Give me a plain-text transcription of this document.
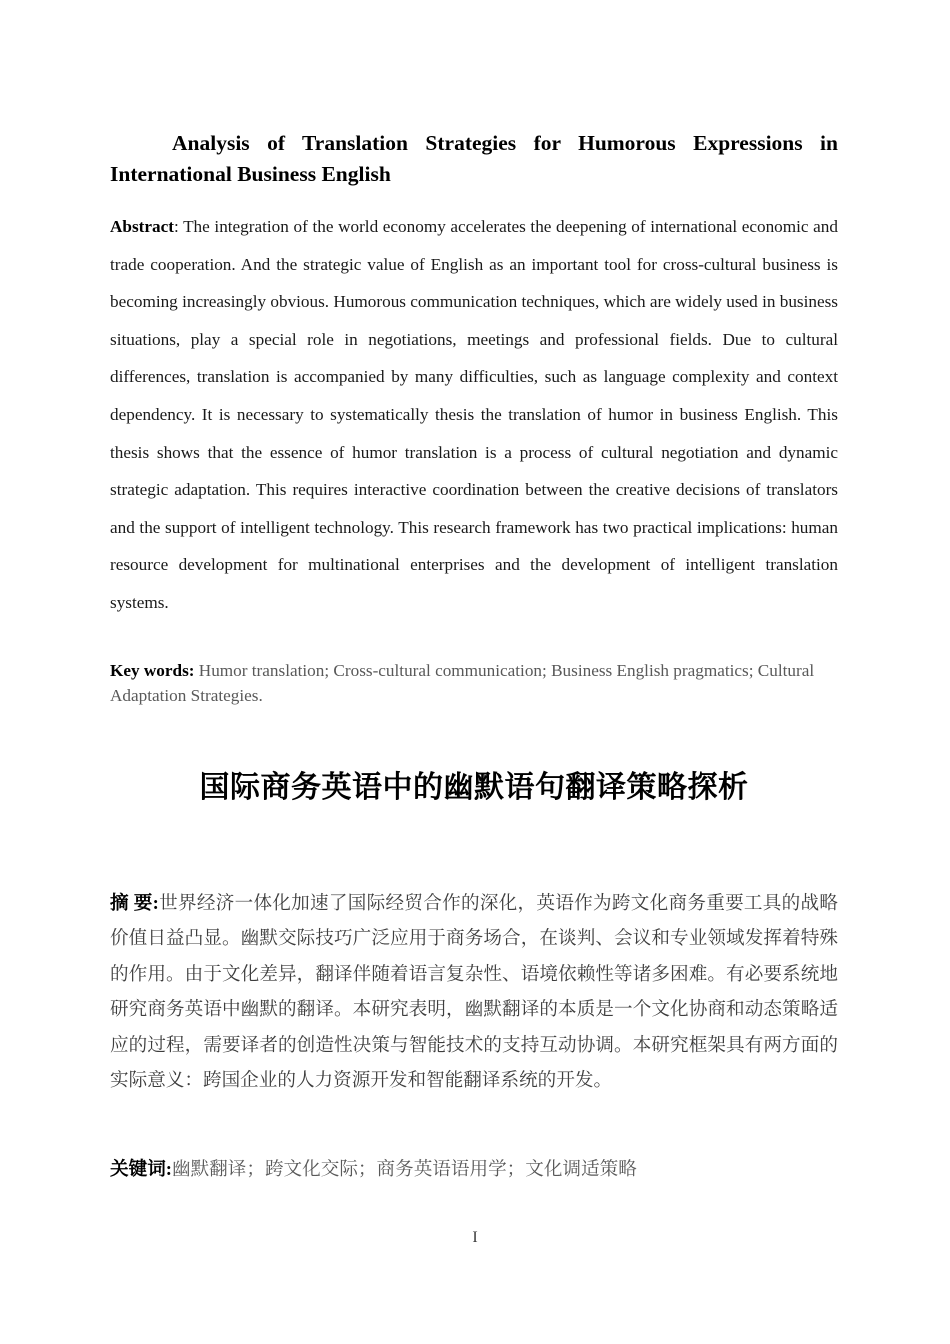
Analysis of Translation Strategies for Humorous Expressions in International Business English

Abstract: The integration of the world economy accelerates the deepening of international economic and trade cooperation. And the strategic value of English as an important tool for cross-cultural business is becoming increasingly obvious. Humorous communication techniques, which are widely used in business situations, play a special role in negotiations, meetings and professional fields. Due to cultural differences, translation is accompanied by many difficulties, such as language complexity and context dependency. It is necessary to systematically thesis the translation of humor in business English. This thesis shows that the essence of humor translation is a process of cultural negotiation and dynamic strategic adaptation. This requires interactive coordination between the creative decisions of translators and the support of intelligent technology. This research framework has two practical implications: human resource development for multinational enterprises and the development of intelligent translation systems.

Key words: Humor translation; Cross-cultural communication; Business English pragmatics; Cultural Adaptation Strategies.

国际商务英语中的幽默语句翻译策略探析

摘 要:世界经济一体化加速了国际经贸合作的深化，英语作为跨文化商务重要工具的战略价值日益凸显。幽默交际技巧广泛应用于商务场合，在谈判、会议和专业领域发挥着特殊的作用。由于文化差异，翻译伴随着语言复杂性、语境依赖性等诸多困难。有必要系统地研究商务英语中幽默的翻译。本研究表明，幽默翻译的本质是一个文化协商和动态策略适应的过程，需要译者的创造性决策与智能技术的支持互动协调。本研究框架具有两方面的实际意义：跨国企业的人力资源开发和智能翻译系统的开发。

关键词:幽默翻译；跨文化交际；商务英语语用学；文化调适策略

I
